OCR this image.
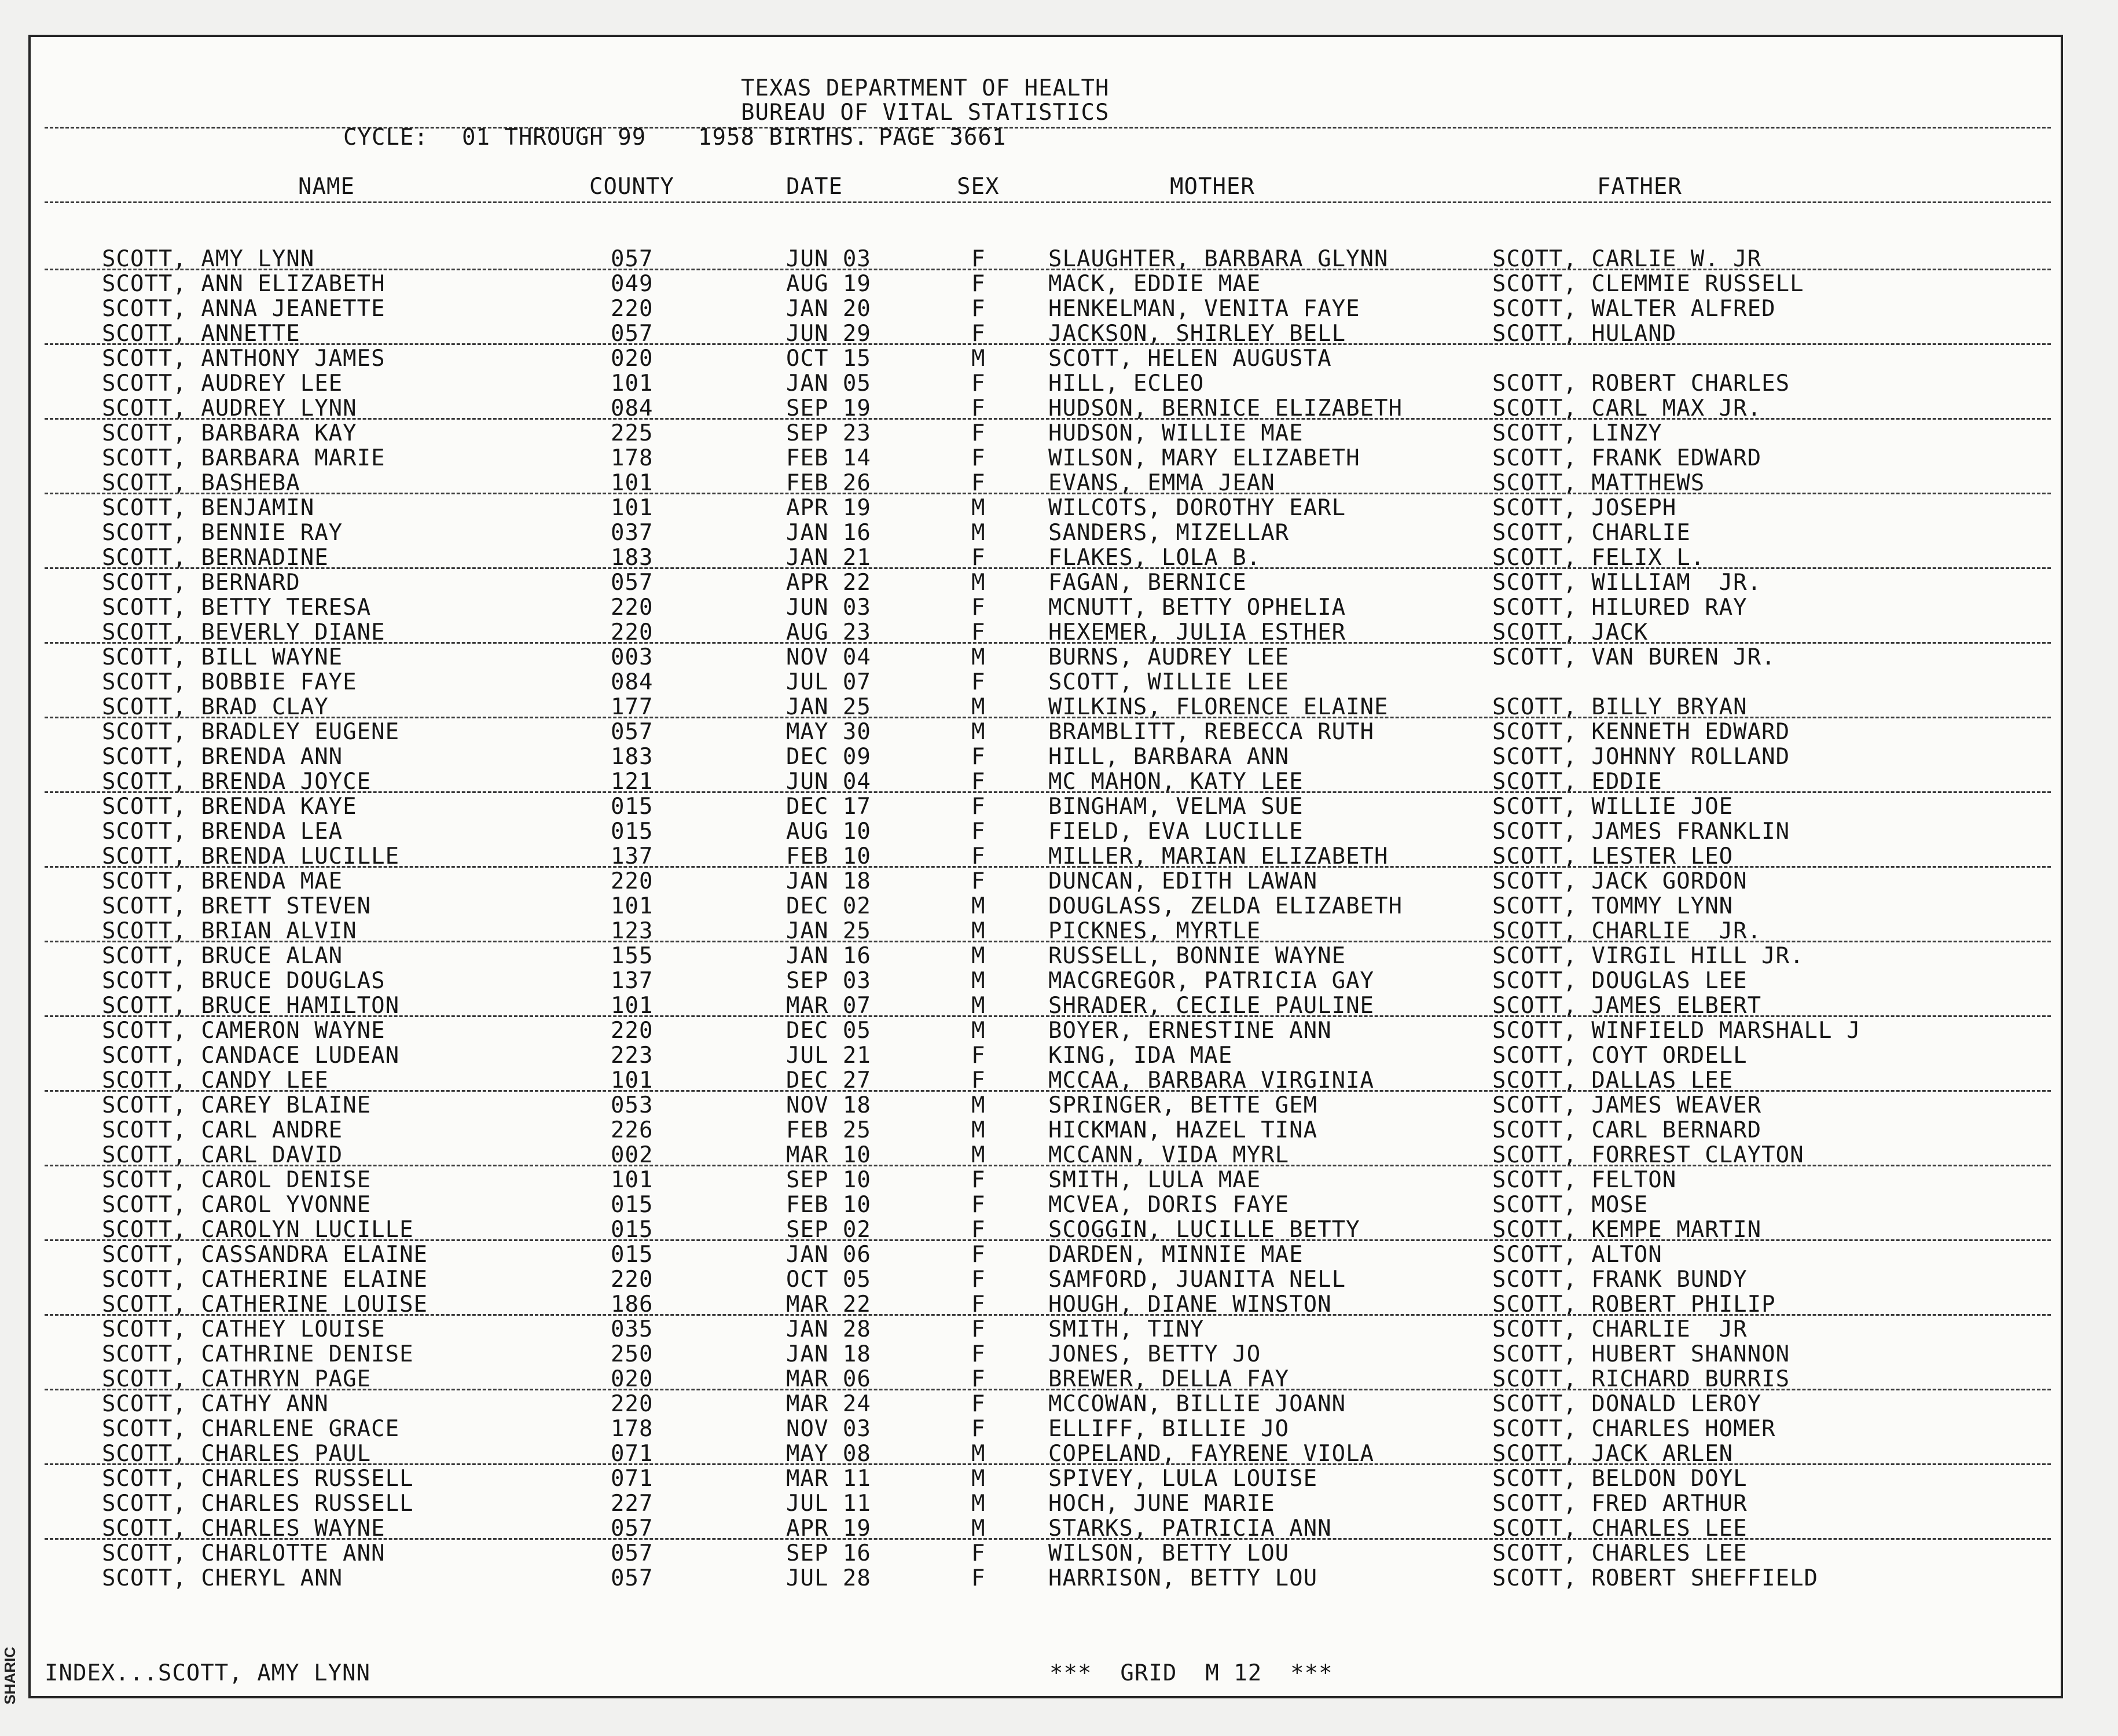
SHARIC
TEXAS DEPARTMENT OF HEALTH
BUREAU OF VITAL STATISTICS
CYCLE: 01 THROUGH 99 1958 BIRTHS. PAGE 3661
NAME	COUNTY	DATE	SEX	MOTHER	FATHER
SCOTT, AMY LYNN	057	JUN 03	F	SLAUGHTER, BARBARA GLYNN	SCOTT, CARLIE W. JR
SCOTT, ANN ELIZABETH	049	AUG 19	F	MACK, EDDIE MAE	SCOTT, CLEMMIE RUSSELL
SCOTT, ANNA JEANETTE	220	JAN 20	F	HENKELMAN, VENITA FAYE	SCOTT, WALTER ALFRED
SCOTT, ANNETTE	057	JUN 29	F	JACKSON, SHIRLEY BELL	SCOTT, HULAND
SCOTT, ANTHONY JAMES	020	OCT 15	M	SCOTT, HELEN AUGUSTA
SCOTT, AUDREY LEE	101	JAN 05	F	HILL, ECLEO	SCOTT, ROBERT CHARLES
SCOTT, AUDREY LYNN	084	SEP 19	F	HUDSON, BERNICE ELIZABETH	SCOTT, CARL MAX JR.
SCOTT, BARBARA KAY	225	SEP 23	F	HUDSON, WILLIE MAE	SCOTT, LINZY
SCOTT, BARBARA MARIE	178	FEB 14	F	WILSON, MARY ELIZABETH	SCOTT, FRANK EDWARD
SCOTT, BASHEBA	101	FEB 26	F	EVANS, EMMA JEAN	SCOTT, MATTHEWS
SCOTT, BENJAMIN	101	APR 19	M	WILCOTS, DOROTHY EARL	SCOTT, JOSEPH
SCOTT, BENNIE RAY	037	JAN 16	M	SANDERS, MIZELLAR	SCOTT, CHARLIE
SCOTT, BERNADINE	183	JAN 21	F	FLAKES, LOLA B.	SCOTT, FELIX L.
SCOTT, BERNARD	057	APR 22	M	FAGAN, BERNICE	SCOTT, WILLIAM  JR.
SCOTT, BETTY TERESA	220	JUN 03	F	MCNUTT, BETTY OPHELIA	SCOTT, HILURED RAY
SCOTT, BEVERLY DIANE	220	AUG 23	F	HEXEMER, JULIA ESTHER	SCOTT, JACK
SCOTT, BILL WAYNE	003	NOV 04	M	BURNS, AUDREY LEE	SCOTT, VAN BUREN JR.
SCOTT, BOBBIE FAYE	084	JUL 07	F	SCOTT, WILLIE LEE
SCOTT, BRAD CLAY	177	JAN 25	M	WILKINS, FLORENCE ELAINE	SCOTT, BILLY BRYAN
SCOTT, BRADLEY EUGENE	057	MAY 30	M	BRAMBLITT, REBECCA RUTH	SCOTT, KENNETH EDWARD
SCOTT, BRENDA ANN	183	DEC 09	F	HILL, BARBARA ANN	SCOTT, JOHNNY ROLLAND
SCOTT, BRENDA JOYCE	121	JUN 04	F	MC MAHON, KATY LEE	SCOTT, EDDIE
SCOTT, BRENDA KAYE	015	DEC 17	F	BINGHAM, VELMA SUE	SCOTT, WILLIE JOE
SCOTT, BRENDA LEA	015	AUG 10	F	FIELD, EVA LUCILLE	SCOTT, JAMES FRANKLIN
SCOTT, BRENDA LUCILLE	137	FEB 10	F	MILLER, MARIAN ELIZABETH	SCOTT, LESTER LEO
SCOTT, BRENDA MAE	220	JAN 18	F	DUNCAN, EDITH LAWAN	SCOTT, JACK GORDON
SCOTT, BRETT STEVEN	101	DEC 02	M	DOUGLASS, ZELDA ELIZABETH	SCOTT, TOMMY LYNN
SCOTT, BRIAN ALVIN	123	JAN 25	M	PICKNES, MYRTLE	SCOTT, CHARLIE  JR.
SCOTT, BRUCE ALAN	155	JAN 16	M	RUSSELL, BONNIE WAYNE	SCOTT, VIRGIL HILL JR.
SCOTT, BRUCE DOUGLAS	137	SEP 03	M	MACGREGOR, PATRICIA GAY	SCOTT, DOUGLAS LEE
SCOTT, BRUCE HAMILTON	101	MAR 07	M	SHRADER, CECILE PAULINE	SCOTT, JAMES ELBERT
SCOTT, CAMERON WAYNE	220	DEC 05	M	BOYER, ERNESTINE ANN	SCOTT, WINFIELD MARSHALL J
SCOTT, CANDACE LUDEAN	223	JUL 21	F	KING, IDA MAE	SCOTT, COYT ORDELL
SCOTT, CANDY LEE	101	DEC 27	F	MCCAA, BARBARA VIRGINIA	SCOTT, DALLAS LEE
SCOTT, CAREY BLAINE	053	NOV 18	M	SPRINGER, BETTE GEM	SCOTT, JAMES WEAVER
SCOTT, CARL ANDRE	226	FEB 25	M	HICKMAN, HAZEL TINA	SCOTT, CARL BERNARD
SCOTT, CARL DAVID	002	MAR 10	M	MCCANN, VIDA MYRL	SCOTT, FORREST CLAYTON
SCOTT, CAROL DENISE	101	SEP 10	F	SMITH, LULA MAE	SCOTT, FELTON
SCOTT, CAROL YVONNE	015	FEB 10	F	MCVEA, DORIS FAYE	SCOTT, MOSE
SCOTT, CAROLYN LUCILLE	015	SEP 02	F	SCOGGIN, LUCILLE BETTY	SCOTT, KEMPE MARTIN
SCOTT, CASSANDRA ELAINE	015	JAN 06	F	DARDEN, MINNIE MAE	SCOTT, ALTON
SCOTT, CATHERINE ELAINE	220	OCT 05	F	SAMFORD, JUANITA NELL	SCOTT, FRANK BUNDY
SCOTT, CATHERINE LOUISE	186	MAR 22	F	HOUGH, DIANE WINSTON	SCOTT, ROBERT PHILIP
SCOTT, CATHEY LOUISE	035	JAN 28	F	SMITH, TINY	SCOTT, CHARLIE  JR
SCOTT, CATHRINE DENISE	250	JAN 18	F	JONES, BETTY JO	SCOTT, HUBERT SHANNON
SCOTT, CATHRYN PAGE	020	MAR 06	F	BREWER, DELLA FAY	SCOTT, RICHARD BURRIS
SCOTT, CATHY ANN	220	MAR 24	F	MCCOWAN, BILLIE JOANN	SCOTT, DONALD LEROY
SCOTT, CHARLENE GRACE	178	NOV 03	F	ELLIFF, BILLIE JO	SCOTT, CHARLES HOMER
SCOTT, CHARLES PAUL	071	MAY 08	M	COPELAND, FAYRENE VIOLA	SCOTT, JACK ARLEN
SCOTT, CHARLES RUSSELL	071	MAR 11	M	SPIVEY, LULA LOUISE	SCOTT, BELDON DOYL
SCOTT, CHARLES RUSSELL	227	JUL 11	M	HOCH, JUNE MARIE	SCOTT, FRED ARTHUR
SCOTT, CHARLES WAYNE	057	APR 19	M	STARKS, PATRICIA ANN	SCOTT, CHARLES LEE
SCOTT, CHARLOTTE ANN	057	SEP 16	F	WILSON, BETTY LOU	SCOTT, CHARLES LEE
SCOTT, CHERYL ANN	057	JUL 28	F	HARRISON, BETTY LOU	SCOTT, ROBERT SHEFFIELD
INDEX...SCOTT, AMY LYNN	***  GRID  M 12  ***
